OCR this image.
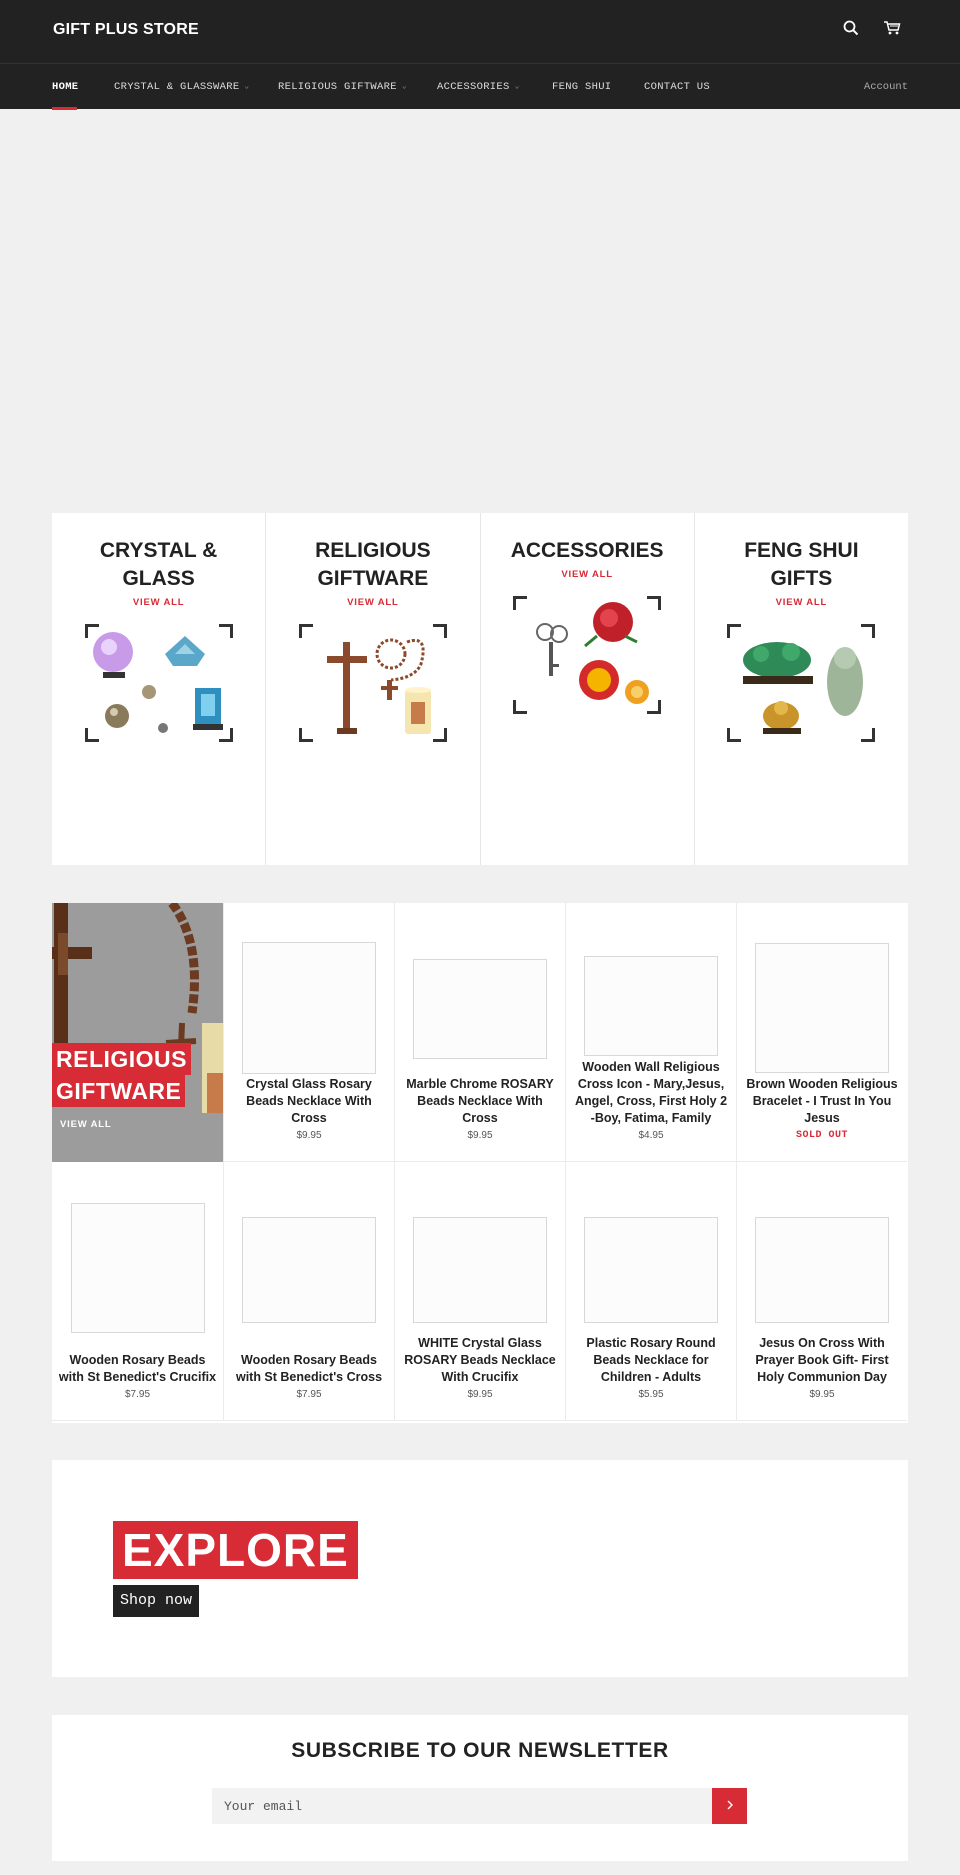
GIFT PLUS STORE
HOME	CRYSTAL & GLASSWARE ⌄	RELIGIOUS GIFTWARE ⌄	ACCESSORIES ⌄	FENG SHUI	CONTACT US	Account
CRYSTAL & GLASS
VIEW ALL
RELIGIOUS GIFTWARE
VIEW ALL
ACCESSORIES
VIEW ALL
FENG SHUI GIFTS
VIEW ALL
RELIGIOUS
GIFTWARE
VIEW ALL
Crystal Glass Rosary Beads Necklace With Cross
$9.95
Marble Chrome ROSARY Beads Necklace With Cross
$9.95
Wooden Wall Religious Cross Icon - Mary,Jesus, Angel, Cross, First Holy 2 -Boy, Fatima, Family
$4.95
Brown Wooden Religious Bracelet - I Trust In You Jesus
SOLD OUT
Wooden Rosary Beads with St Benedict's Crucifix
$7.95
Wooden Rosary Beads with St Benedict's Cross
$7.95
WHITE Crystal Glass ROSARY Beads Necklace With Crucifix
$9.95
Plastic Rosary Round Beads Necklace for Children - Adults
$5.95
Jesus On Cross With Prayer Book Gift- First Holy Communion Day
$9.95
EXPLORE
Shop now
SUBSCRIBE TO OUR NEWSLETTER
Your email
